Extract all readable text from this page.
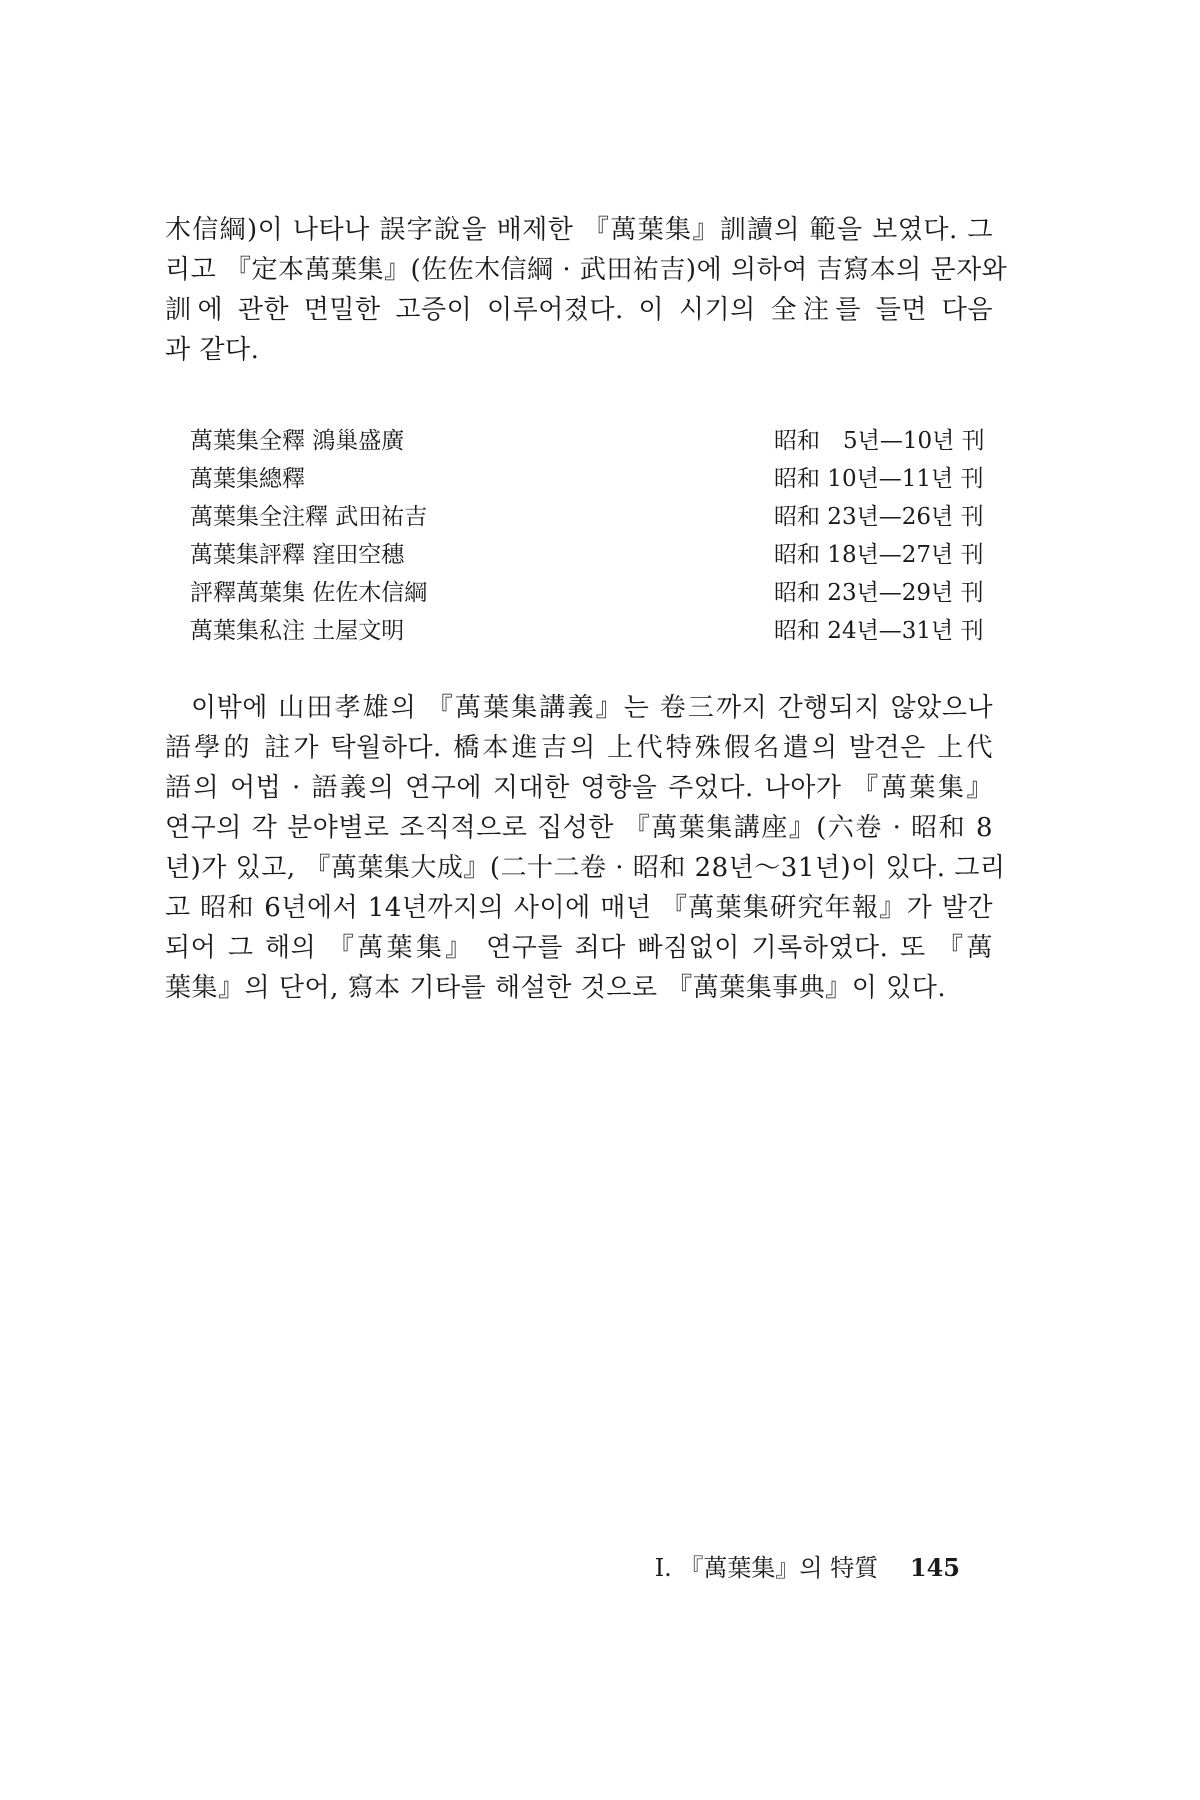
木信綱)이 나타나 誤字說을 배제한 『萬葉集』訓讀의 範을 보였다. 그
리고 『定本萬葉集』(佐佐木信綱 · 武田祐吉)에 의하여 吉寫本의 문자와
訓에 관한 면밀한 고증이 이루어졌다. 이 시기의 全注를 들면 다음
과 같다.
萬葉集全釋 鴻巢盛廣	昭和　5년—10년 刊
萬葉集總釋	昭和 10년—11년 刊
萬葉集全注釋 武田祐吉	昭和 23년—26년 刊
萬葉集評釋 窪田空穗	昭和 18년—27년 刊
評釋萬葉集 佐佐木信綱	昭和 23년—29년 刊
萬葉集私注 土屋文明	昭和 24년—31년 刊
이밖에 山田孝雄의 『萬葉集講義』는 卷三까지 간행되지 않았으나
語學的 註가 탁월하다. 橋本進吉의 上代特殊假名遣의 발견은 上代
語의 어법 · 語義의 연구에 지대한 영향을 주었다. 나아가 『萬葉集』
연구의 각 분야별로 조직적으로 집성한 『萬葉集講座』(六卷 · 昭和 8
년)가 있고, 『萬葉集大成』(二十二卷 · 昭和 28년～31년)이 있다. 그리
고 昭和 6년에서 14년까지의 사이에 매년 『萬葉集硏究年報』가 발간
되어 그 해의 『萬葉集』 연구를 죄다 빠짐없이 기록하였다. 또 『萬
葉集』의 단어, 寫本 기타를 해설한 것으로 『萬葉集事典』이 있다.
I. 『萬葉集』의 特質 145
